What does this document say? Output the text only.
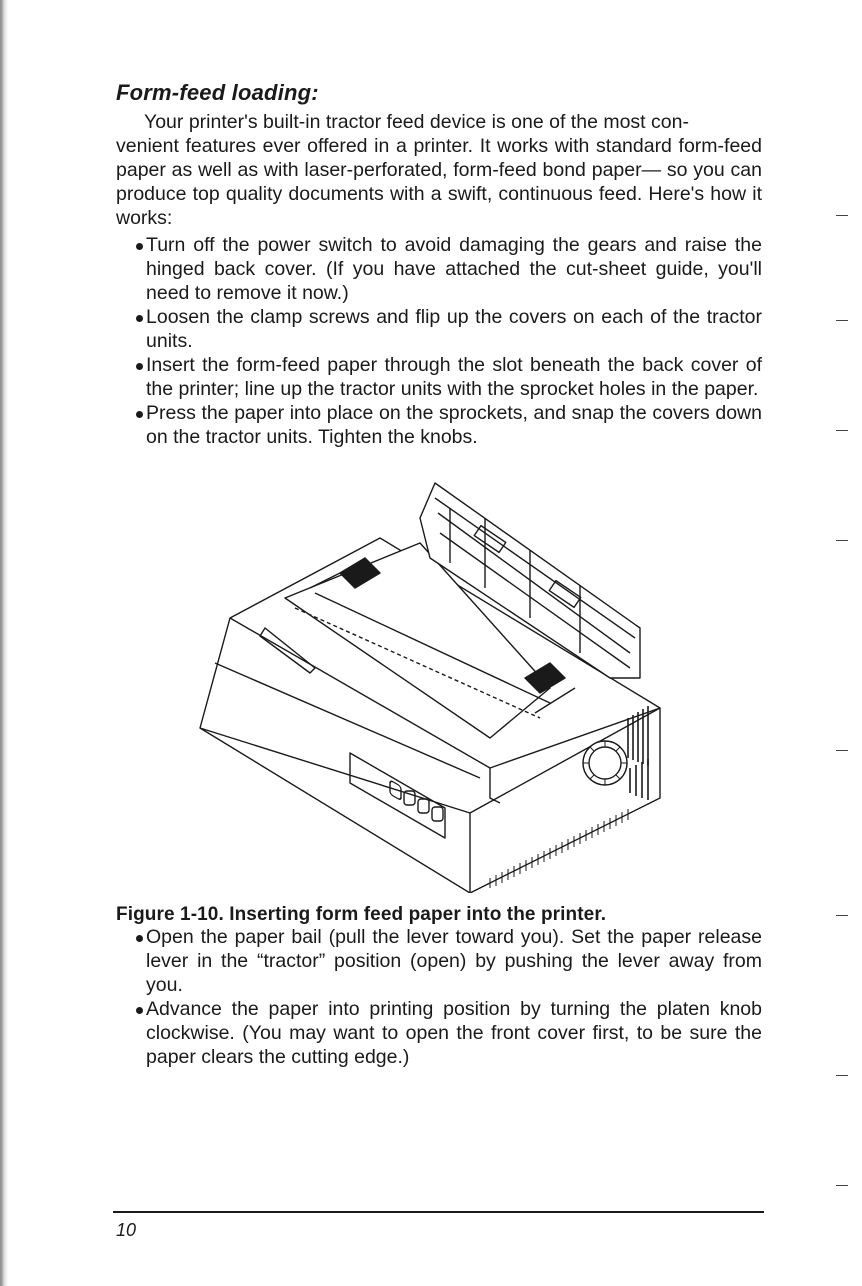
Form-feed loading:
Your printer's built-in tractor feed device is one of the most con-
venient features ever offered in a printer. It works with standard form-feed paper as well as with laser-perforated, form-feed bond paper— so you can produce top quality documents with a swift, continuous feed. Here's how it works:
Turn off the power switch to avoid damaging the gears and raise the hinged back cover. (If you have attached the cut-sheet guide, you'll need to remove it now.)
Loosen the clamp screws and flip up the covers on each of the tractor units.
Insert the form-feed paper through the slot beneath the back cover of the printer; line up the tractor units with the sprocket holes in the paper.
Press the paper into place on the sprockets, and snap the covers down on the tractor units. Tighten the knobs.
Figure 1-10. Inserting form feed paper into the printer.
Open the paper bail (pull the lever toward you). Set the paper release lever in the “tractor” position (open) by pushing the lever away from you.
Advance the paper into printing position by turning the platen knob clockwise. (You may want to open the front cover first, to be sure the paper clears the cutting edge.)
10
